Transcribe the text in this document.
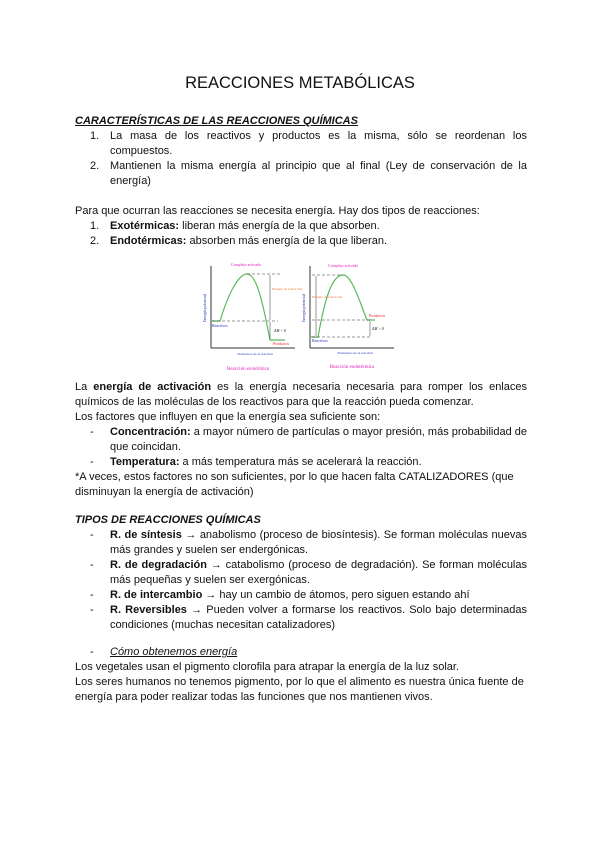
REACCIONES METABÓLICAS

CARACTERÍSTICAS DE LAS REACCIONES QUÍMICAS

1. La masa de los reactivos y productos es la misma, sólo se reordenan los compuestos.
2. Mantienen la misma energía al principio que al final (Ley de conservación de la energía)

Para que ocurran las reacciones se necesita energía. Hay dos tipos de reacciones:

1. Exotérmicas: liberan más energía de la que absorben.
2. Endotérmicas: absorben más energía de la que liberan.
Energía potencial
Complejo activado
Energía de activación
Reactivos
ΔH < 0
Productos
Transcurso de la reacción
Reacción exotérmica
Energía potencial
Complejo activado
Energía de activación
Reactivos
ΔH > 0
Productos
Transcurso de la reacción
Reacción endotérmica

La energía de activación es la energía necesaria necesaria para romper los enlaces químicos de las moléculas de los reactivos para que la reacción pueda comenzar.

Los factores que influyen en que la energía sea suficiente son:

- Concentración: a mayor número de partículas o mayor presión, más probabilidad de que coincidan.
- Temperatura: a más temperatura más se acelerará la reacción.

*A veces, estos factores no son suficientes, por lo que hacen falta CATALIZADORES (que disminuyan la energía de activación)

TIPOS DE REACCIONES QUÍMICAS

- R. de síntesis → anabolismo (proceso de biosíntesis). Se forman moléculas nuevas más grandes y suelen ser endergónicas.
- R. de degradación → catabolismo (proceso de degradación). Se forman moléculas más pequeñas y suelen ser exergónicas.
- R. de intercambio → hay un cambio de átomos, pero siguen estando ahí
- R. Reversibles → Pueden volver a formarse los reactivos. Solo bajo determinadas condiciones (muchas necesitan catalizadores)
- Cómo obtenemos energía

Los vegetales usan el pigmento clorofila para atrapar la energía de la luz solar.

Los seres humanos no tenemos pigmento, por lo que el alimento es nuestra única fuente de energía para poder realizar todas las funciones que nos mantienen vivos.
